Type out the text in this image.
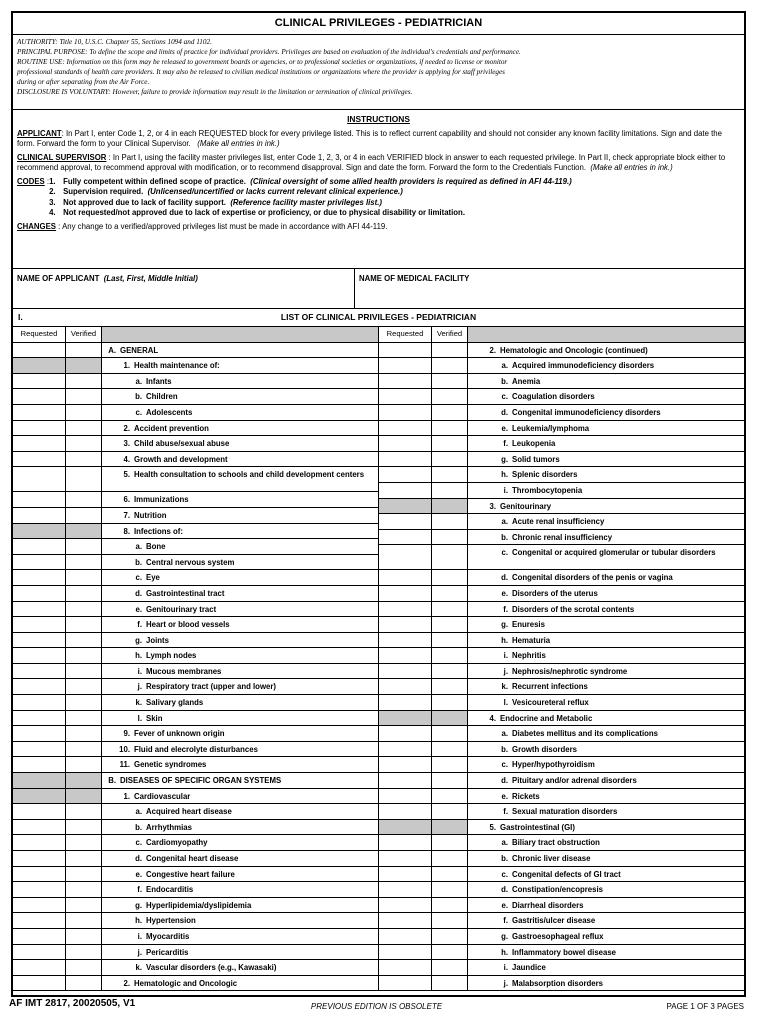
CLINICAL PRIVILEGES - PEDIATRICIAN
AUTHORITY: Title 10, U.S.C. Chapter 55, Sections 1094 and 1102.
PRINCIPAL PURPOSE: To define the scope and limits of practice for individual providers. Privileges are based on evaluation of the individual's credentials and performance.
ROUTINE USE: Information on this form may be released to government boards or agencies, or to professional societies or organizations, if needed to license or monitor
professional standards of health care providers. It may also be released to civilian medical institutions or organizations where the provider is applying for staff privileges
during or after separating from the Air Force.
DISCLOSURE IS VOLUNTARY: However, failure to provide information may result in the limitation or termination of clinical privileges.
INSTRUCTIONS

APPLICANT: In Part I, enter Code 1, 2, or 4 in each REQUESTED block for every privilege listed. This is to reflect current capability and should not consider any known facility limitations. Sign and date the form. Forward the form to your Clinical Supervisor. (Make all entries in ink.)

CLINICAL SUPERVISOR : In Part I, using the facility master privileges list, enter Code 1, 2, 3, or 4 in each VERIFIED block in answer to each requested privilege. In Part II, check appropriate block either to recommend approval, to recommend approval with modification, or to recommend disapproval. Sign and date the form. Forward the form to the Credentials Function. (Make all entries in ink.)

CODES : 1. Fully competent within defined scope of practice. (Clinical oversight of some allied health providers is required as defined in AFI 44-119.)
2. Supervision required. (Unlicensed/uncertified or lacks current relevant clinical experience.)
3. Not approved due to lack of facility support. (Reference facility master privileges list.)
4. Not requested/not approved due to lack of expertise or proficiency, or due to physical disability or limitation.

CHANGES : Any change to a verified/approved privileges list must be made in accordance with AFI 44-119.

NAME OF APPLICANT (Last, First, Middle Initial)	NAME OF MEDICAL FACILITY
I.	LIST OF CLINICAL PRIVILEGES - PEDIATRICIAN
Requested	Verified
A. GENERAL
1. Health maintenance of:
a. Infants
b. Children
c. Adolescents
2. Accident prevention
3. Child abuse/sexual abuse
4. Growth and development
5. Health consultation to schools and child development centers
6. Immunizations
7. Nutrition
8. Infections of:
a. Bone
b. Central nervous system
c. Eye
d. Gastrointestinal tract
e. Genitourinary tract
f. Heart or blood vessels
g. Joints
h. Lymph nodes
i. Mucous membranes
j. Respiratory tract (upper and lower)
k. Salivary glands
l. Skin
9. Fever of unknown origin
10. Fluid and elecrolyte disturbances
11. Genetic syndromes
B. DISEASES OF SPECIFIC ORGAN SYSTEMS
1. Cardiovascular
a. Acquired heart disease
b. Arrhythmias
c. Cardiomyopathy
d. Congenital heart disease
e. Congestive heart failure
f. Endocarditis
g. Hyperlipidemia/dyslipidemia
h. Hypertension
i. Myocarditis
j. Pericarditis
k. Vascular disorders (e.g., Kawasaki)
2. Hematologic and Oncologic
Requested	Verified
2. Hematologic and Oncologic (continued)
a. Acquired immunodeficiency disorders
b. Anemia
c. Coagulation disorders
d. Congenital immunodeficiency disorders
e. Leukemia/lymphoma
f. Leukopenia
g. Solid tumors
h. Splenic disorders
i. Thrombocytopenia
3. Genitourinary
a. Acute renal insufficiency
b. Chronic renal insufficiency
c. Congenital or acquired glomerular or tubular disorders
d. Congenital disorders of the penis or vagina
e. Disorders of the uterus
f. Disorders of the scrotal contents
g. Enuresis
h. Hematuria
i. Nephritis
j. Nephrosis/nephrotic syndrome
k. Recurrent infections
l. Vesicoureteral reflux
4. Endocrine and Metabolic
a. Diabetes mellitus and its complications
b. Growth disorders
c. Hyper/hypothyroidism
d. Pituitary and/or adrenal disorders
e. Rickets
f. Sexual maturation disorders
5. Gastrointestinal (GI)
a. Biliary tract obstruction
b. Chronic liver disease
c. Congenital defects of GI tract
d. Constipation/encopresis
e. Diarrheal disorders
f. Gastritis/ulcer disease
g. Gastroesophageal reflux
h. Inflammatory bowel disease
i. Jaundice
j. Malabsorption disorders
AF IMT 2817, 20020505, V1	PREVIOUS EDITION IS OBSOLETE	PAGE 1 OF 3 PAGES
